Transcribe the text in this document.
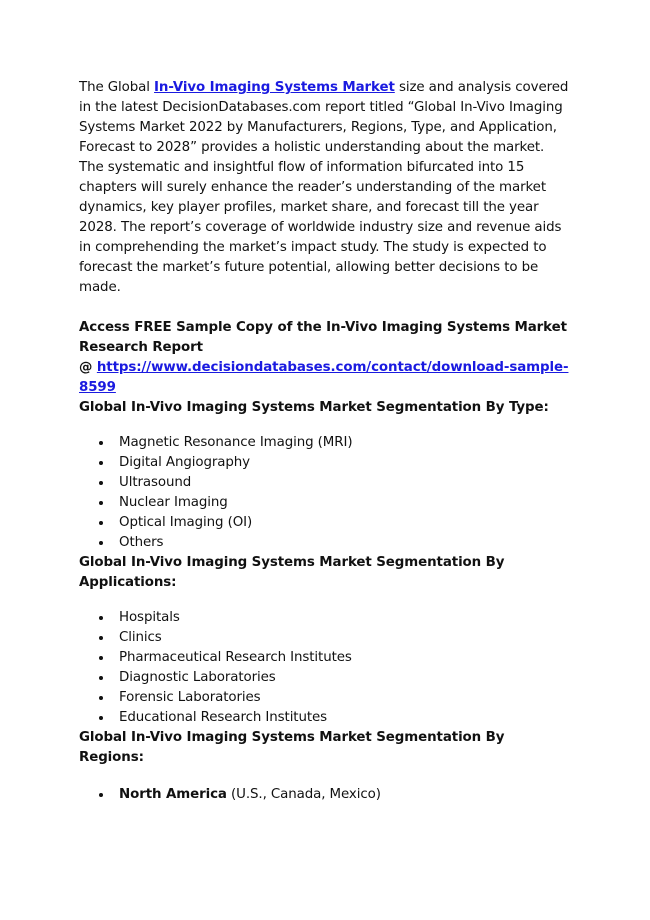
The Global In-Vivo Imaging Systems Market size and analysis covered in the latest DecisionDatabases.com report titled “Global In-Vivo Imaging Systems Market 2022 by Manufacturers, Regions, Type, and Application, Forecast to 2028” provides a holistic understanding about the market. The systematic and insightful flow of information bifurcated into 15 chapters will surely enhance the reader’s understanding of the market dynamics, key player profiles, market share, and forecast till the year 2028. The report’s coverage of worldwide industry size and revenue aids in comprehending the market’s impact study. The study is expected to forecast the market’s future potential, allowing better decisions to be made.

Access FREE Sample Copy of the In-Vivo Imaging Systems Market Research Report
@ https://www.decisiondatabases.com/contact/download-sample-
8599
Global In-Vivo Imaging Systems Market Segmentation By Type:
Magnetic Resonance Imaging (MRI)
Digital Angiography
Ultrasound
Nuclear Imaging
Optical Imaging (OI)
Others
Global In-Vivo Imaging Systems Market Segmentation By Applications:
Hospitals
Clinics
Pharmaceutical Research Institutes
Diagnostic Laboratories
Forensic Laboratories
Educational Research Institutes
Global In-Vivo Imaging Systems Market Segmentation By Regions:
North America (U.S., Canada, Mexico)
